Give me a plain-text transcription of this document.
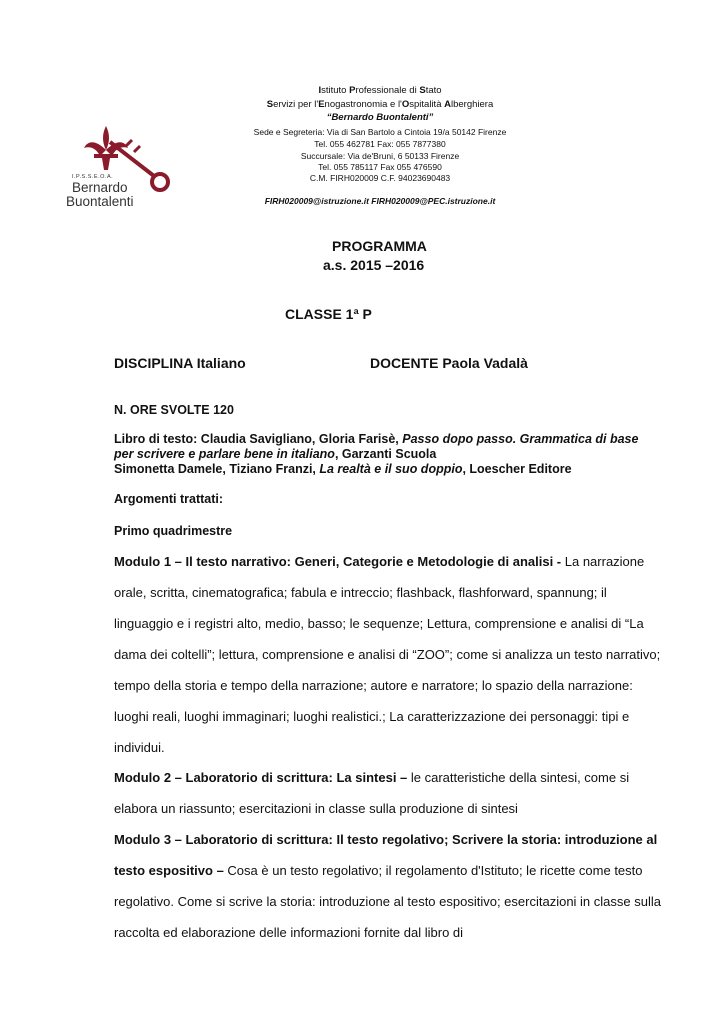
I.P.S.S.E.O.A.
Bernardo
Buontalenti
Istituto Professionale di Stato
Servizi per l'Enogastronomia e l'Ospitalità Alberghiera
“Bernardo Buontalenti”
Sede e Segreteria: Via di San Bartolo a Cintoia 19/a 50142 Firenze
Tel. 055 462781 Fax: 055 7877380
Succursale: Via de'Bruni, 6 50133 Firenze
Tel. 055 785117 Fax 055 476590
C.M. FIRH020009 C.F. 94023690483
FIRH020009@istruzione.it FIRH020009@PEC.istruzione.it
PROGRAMMA
a.s. 2015 –2016
CLASSE 1ª P
DISCIPLINA Italiano	DOCENTE Paola Vadalà
N. ORE SVOLTE 120
Libro di testo: Claudia Savigliano, Gloria Farisè, Passo dopo passo. Grammatica di base per scrivere e parlare bene in italiano, Garzanti Scuola
Simonetta Damele, Tiziano Franzi, La realtà e il suo doppio, Loescher Editore
Argomenti trattati:
Primo quadrimestre
Modulo 1 – Il testo narrativo: Generi, Categorie e Metodologie di analisi - La narrazione orale, scritta, cinematografica; fabula e intreccio; flashback, flashforward, spannung; il linguaggio e i registri alto, medio, basso; le sequenze; Lettura, comprensione e analisi di “La dama dei coltelli”; lettura, comprensione e analisi di “ZOO”; come si analizza un testo narrativo; tempo della storia e tempo della narrazione; autore e narratore; lo spazio della narrazione: luoghi reali, luoghi immaginari; luoghi realistici.; La caratterizzazione dei personaggi: tipi e individui.
Modulo 2 – Laboratorio di scrittura: La sintesi – le caratteristiche della sintesi, come si elabora un riassunto; esercitazioni in classe sulla produzione di sintesi
Modulo 3 – Laboratorio di scrittura: Il testo regolativo; Scrivere la storia: introduzione al testo espositivo – Cosa è un testo regolativo; il regolamento d'Istituto; le ricette come testo regolativo. Come si scrive la storia: introduzione al testo espositivo; esercitazioni in classe sulla raccolta ed elaborazione delle informazioni fornite dal libro di
